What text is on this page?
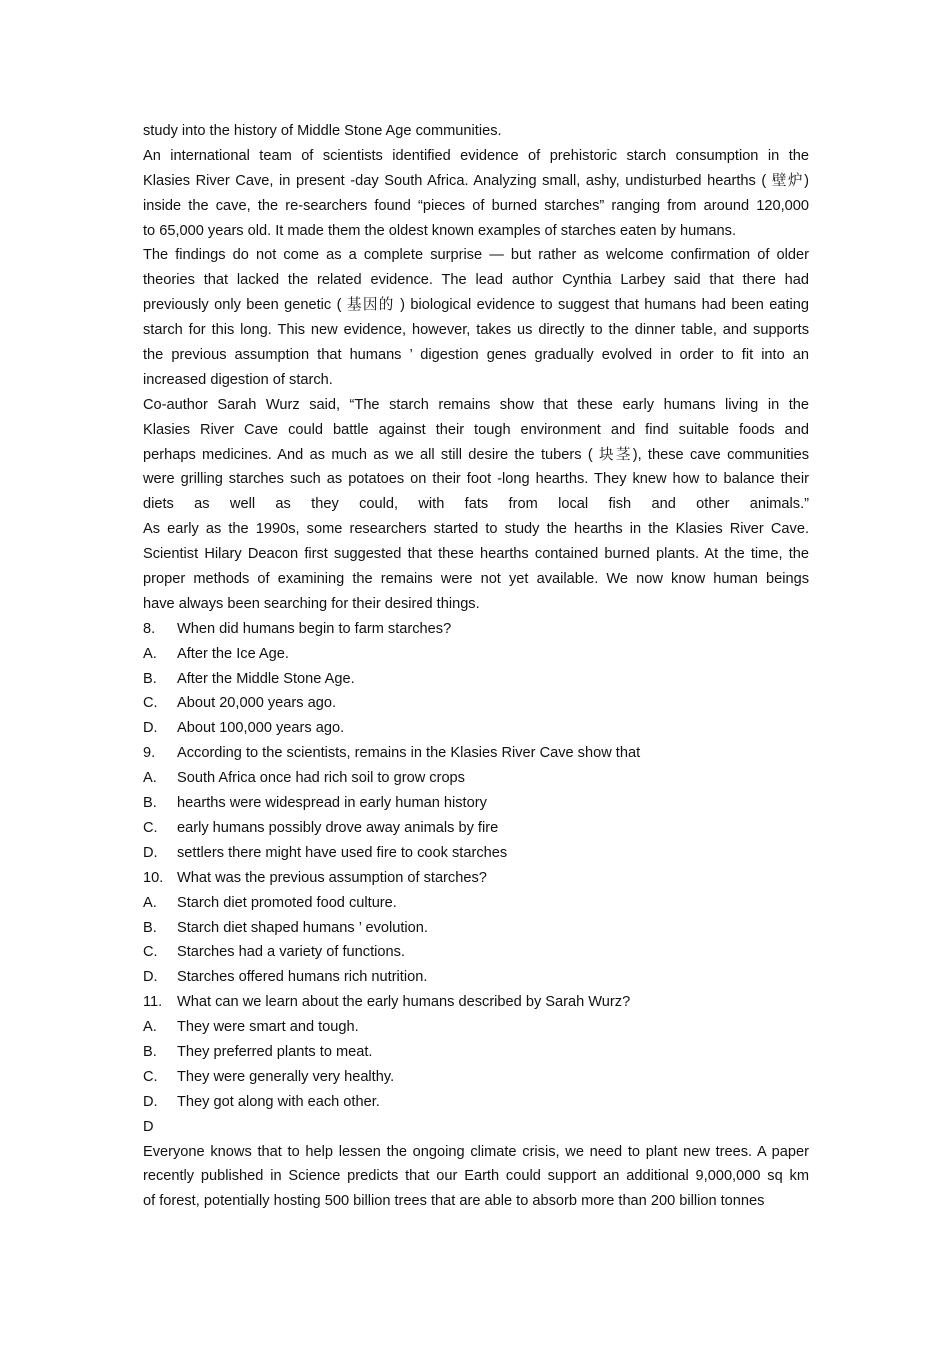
study into the history of Middle Stone Age communities.
An international team of scientists identified evidence of prehistoric starch consumption in the
Klasies River Cave, in present -day South Africa. Analyzing small, ashy, undisturbed hearths ( 壁炉)
inside the cave, the re-searchers found “pieces of burned starches” ranging from around 120,000
to 65,000 years old. It made them the oldest known examples of starches eaten by humans.
The findings do not come as a complete surprise — but rather as welcome confirmation of older
theories that lacked the related evidence. The lead author Cynthia Larbey said that there had
previously only been genetic ( 基因的 ) biological evidence to suggest that humans had been eating
starch for this long. This new evidence, however, takes us directly to the dinner table, and supports
the previous assumption that humans ’ digestion genes gradually evolved in order to fit into an
increased digestion of starch.
Co-author Sarah Wurz said, “The starch remains show that these early humans living in the
Klasies River Cave could battle against their tough environment and find suitable foods and
perhaps medicines. And as much as we all still desire the tubers ( 块茎), these cave communities
were grilling starches such as potatoes on their foot -long hearths. They knew how to balance their
diets as well as they could, with fats from local fish and other animals.”
As early as the 1990s, some researchers started to study the hearths in the Klasies River Cave.
Scientist Hilary Deacon first suggested that these hearths contained burned plants. At the time, the
proper methods of examining the remains were not yet available. We now know human beings
have always been searching for their desired things.
8.	When did humans begin to farm starches?
A.	After the Ice Age.
B.	After the Middle Stone Age.
C.	About 20,000 years ago.
D.	About 100,000 years ago.
9.	According to the scientists, remains in the Klasies River Cave show that
A.	South Africa once had rich soil to grow crops
B.	hearths were widespread in early human history
C.	early humans possibly drove away animals by fire
D.	settlers there might have used fire to cook starches
10. What was the previous assumption of starches?
A.	Starch diet promoted food culture.
B.	Starch diet shaped humans ’ evolution.
C.	Starches had a variety of functions.
D.	Starches offered humans rich nutrition.
11.	What can we learn about the early humans described by Sarah Wurz?
A.	They were smart and tough.
B.	They preferred plants to meat.
C.	They were generally very healthy.
D.	They got along with each other.
D
Everyone knows that to help lessen the ongoing climate crisis, we need to plant new trees. A paper
recently published in Science predicts that our Earth could support an additional 9,000,000 sq km
of forest, potentially hosting 500 billion trees that are able to absorb more than 200 billion tonnes
